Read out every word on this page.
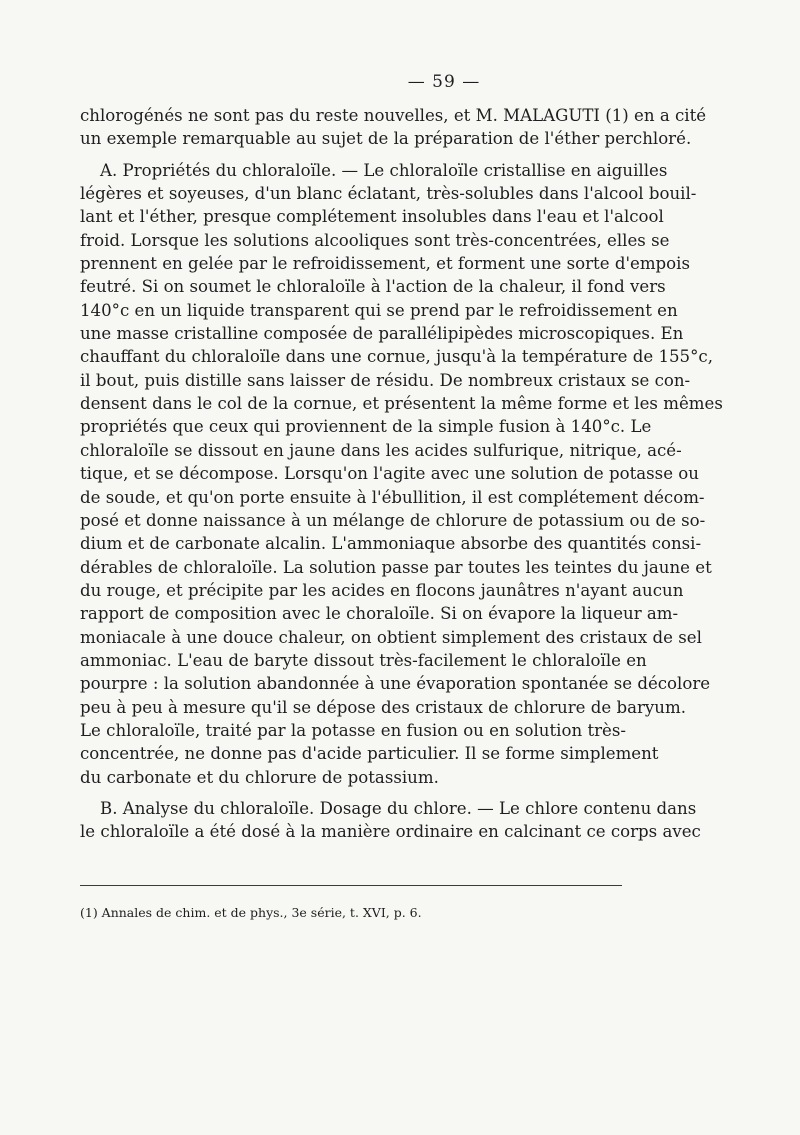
— 59 —
chlorogénés ne sont pas du reste nouvelles, et M. MALAGUTI (1) en a cité
un exemple remarquable au sujet de la préparation de l'éther perchloré.
A. Propriétés du chloraloïle. — Le chloraloïle cristallise en aiguilles
légères et soyeuses, d'un blanc éclatant, très-solubles dans l'alcool bouil-
lant et l'éther, presque complétement insolubles dans l'eau et l'alcool
froid. Lorsque les solutions alcooliques sont très-concentrées, elles se
prennent en gelée par le refroidissement, et forment une sorte d'empois
feutré. Si on soumet le chloraloïle à l'action de la chaleur, il fond vers
140°c en un liquide transparent qui se prend par le refroidissement en
une masse cristalline composée de parallélipipèdes microscopiques. En
chauffant du chloraloïle dans une cornue, jusqu'à la température de 155°c,
il bout, puis distille sans laisser de résidu. De nombreux cristaux se con-
densent dans le col de la cornue, et présentent la même forme et les mêmes
propriétés que ceux qui proviennent de la simple fusion à 140°c. Le
chloraloïle se dissout en jaune dans les acides sulfurique, nitrique, acé-
tique, et se décompose. Lorsqu'on l'agite avec une solution de potasse ou
de soude, et qu'on porte ensuite à l'ébullition, il est complétement décom-
posé et donne naissance à un mélange de chlorure de potassium ou de so-
dium et de carbonate alcalin. L'ammoniaque absorbe des quantités consi-
dérables de chloraloïle. La solution passe par toutes les teintes du jaune et
du rouge, et précipite par les acides en flocons jaunâtres n'ayant aucun
rapport de composition avec le choraloïle. Si on évapore la liqueur am-
moniacale à une douce chaleur, on obtient simplement des cristaux de sel
ammoniac. L'eau de baryte dissout très-facilement le chloraloïle en
pourpre : la solution abandonnée à une évaporation spontanée se décolore
peu à peu à mesure qu'il se dépose des cristaux de chlorure de baryum.
Le chloraloïle, traité par la potasse en fusion ou en solution très-
concentrée, ne donne pas d'acide particulier. Il se forme simplement
du carbonate et du chlorure de potassium.
B. Analyse du chloraloïle. Dosage du chlore. — Le chlore contenu dans
le chloraloïle a été dosé à la manière ordinaire en calcinant ce corps avec
(1) Annales de chim. et de phys., 3e série, t. XVI, p. 6.
